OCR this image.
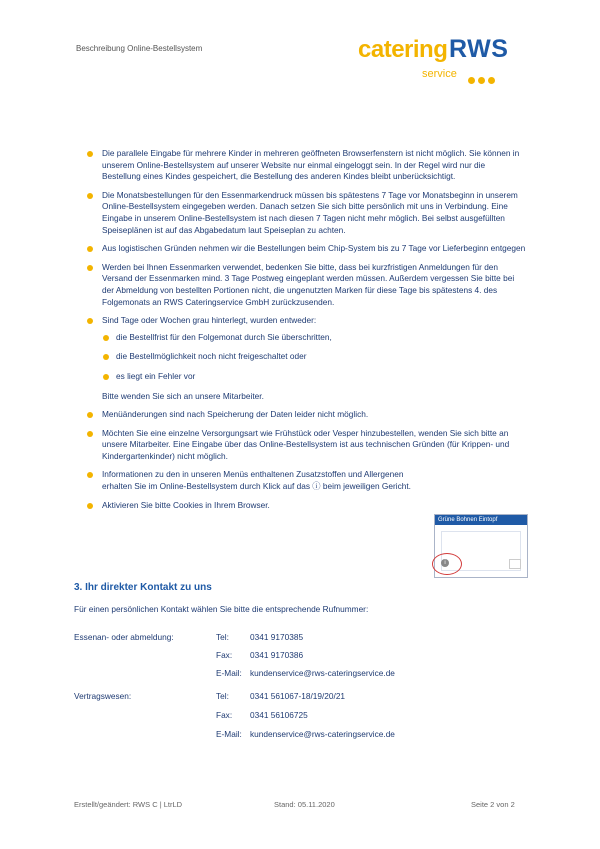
Beschreibung Online-Bestellsystem	catering RWS
service
Die parallele Eingabe für mehrere Kinder in mehreren geöffneten Browserfenstern ist nicht möglich. Sie können in unserem Online-Bestellsystem auf unserer Website nur einmal eingeloggt sein. In der Regel wird nur die Bestellung eines Kindes gespeichert, die Bestellung des anderen Kindes bleibt unberücksichtigt.
Die Monatsbestellungen für den Essenmarkendruck müssen bis spätestens 7 Tage vor Monatsbeginn in unserem Online-Bestellsystem eingegeben werden. Danach setzen Sie sich bitte persönlich mit uns in Verbindung. Eine Eingabe in unserem Online-Bestellsystem ist nach diesen 7 Tagen nicht mehr möglich. Bei selbst ausgefüllten Speiseplänen ist auf das Abgabedatum laut Speiseplan zu achten.
Aus logistischen Gründen nehmen wir die Bestellungen beim Chip-System bis zu 7 Tage vor Lieferbeginn entgegen
Werden bei Ihnen Essenmarken verwendet, bedenken Sie bitte, dass bei kurzfristigen Anmeldungen für den Versand der Essenmarken mind. 3 Tage Postweg eingeplant werden müssen. Außerdem vergessen Sie bitte bei der Abmeldung von bestellten Portionen nicht, die ungenutzten Marken für diese Tage bis spätestens 4. des Folgemonats an RWS Cateringservice GmbH zurückzusenden.
Sind Tage oder Wochen grau hinterlegt, wurden entweder:
die Bestellfrist für den Folgemonat durch Sie überschritten,
die Bestellmöglichkeit noch nicht freigeschaltet oder
es liegt ein Fehler vor
Bitte wenden Sie sich an unsere Mitarbeiter.
Menüänderungen sind nach Speicherung der Daten leider nicht möglich.
Möchten Sie eine einzelne Versorgungsart wie Frühstück oder Vesper hinzubestellen, wenden Sie sich bitte an unsere Mitarbeiter. Eine Eingabe über das Online-Bestellsystem ist aus technischen Gründen (für Krippen- und Kindergartenkinder) nicht möglich.
Informationen zu den in unseren Menüs enthaltenen Zusatzstoffen und Allergenen erhalten Sie im Online-Bestellsystem durch Klick auf das ⓘ beim jeweiligen Gericht.
Aktivieren Sie bitte Cookies in Ihrem Browser.
Grüne Bohnen Eintopf
i
3. Ihr direkter Kontakt zu uns
Für einen persönlichen Kontakt wählen Sie bitte die entsprechende Rufnummer:
Essenan- oder abmeldung:	Tel:	0341 9170385
Fax: 0341 9170386
E-Mail: kundenservice@rws-cateringservice.de
Vertragswesen:	Tel:	0341 561067-18/19/20/21
Fax: 0341 56106725
E-Mail: kundenservice@rws-cateringservice.de
Erstellt/geändert: RWS C | LtrLD	Stand: 05.11.2020	Seite 2 von 2
